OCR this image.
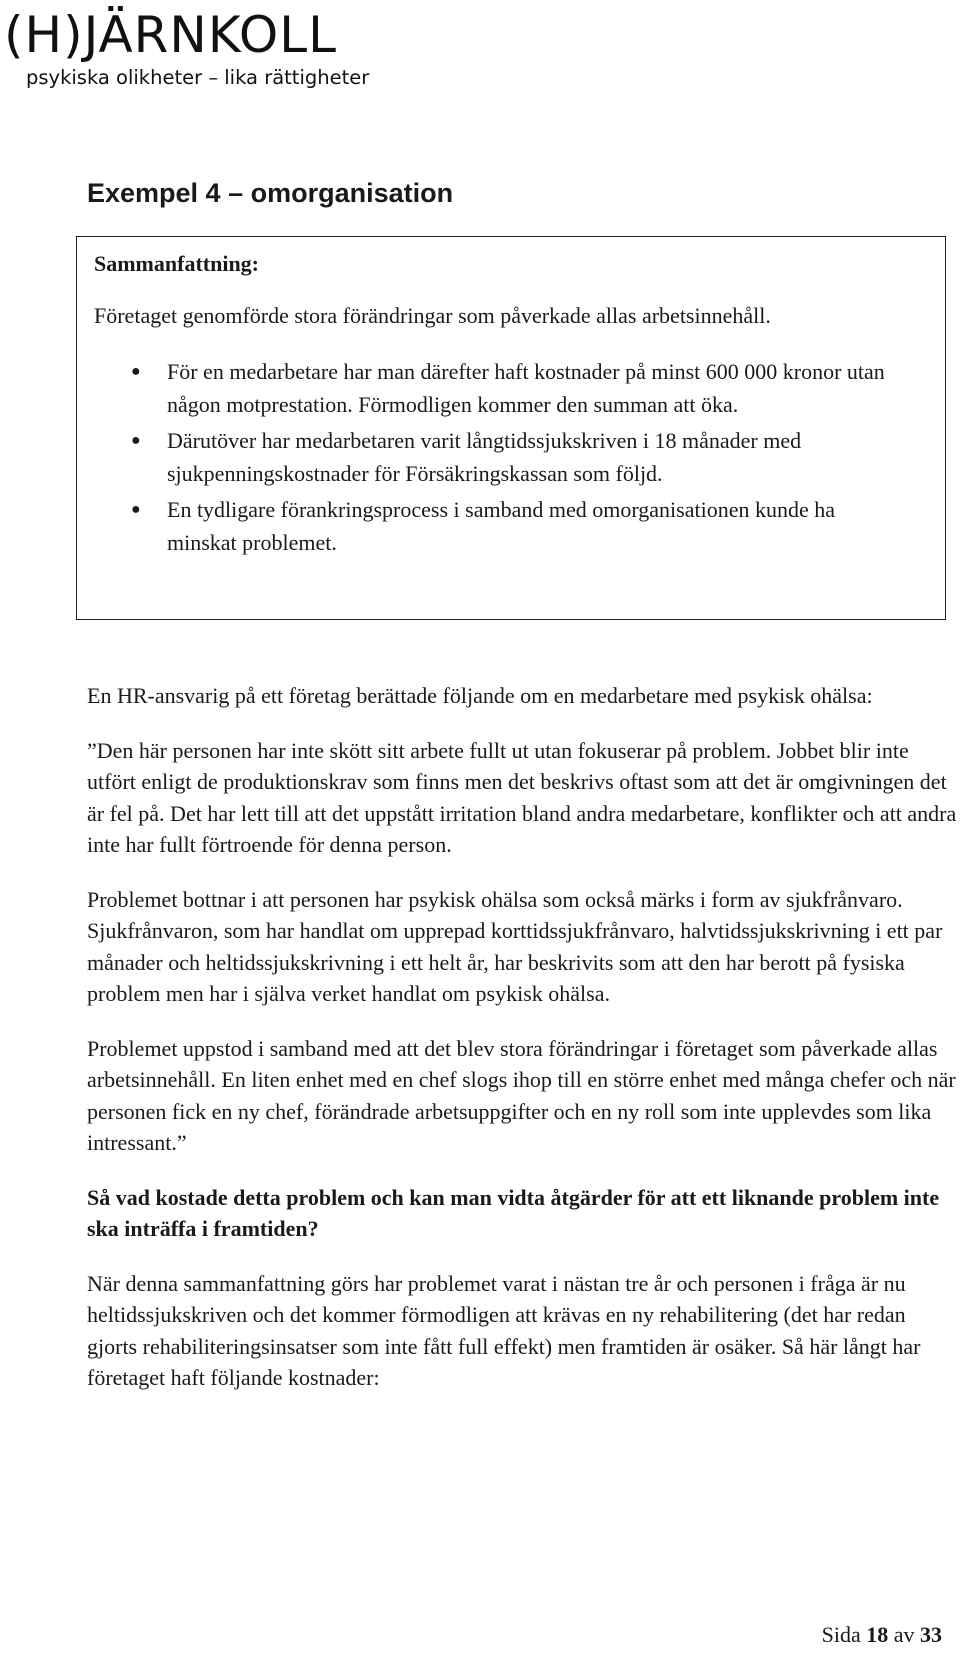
(H)JÄRNKOLL
psykiska olikheter – lika rättigheter
Exempel 4 – omorganisation
Sammanfattning:
Företaget genomförde stora förändringar som påverkade allas arbetsinnehåll.
● För en medarbetare har man därefter haft kostnader på minst 600 000 kronor utan någon motprestation. Förmodligen kommer den summan att öka.
● Därutöver har medarbetaren varit långtidssjukskriven i 18 månader med sjukpenningskostnader för Försäkringskassan som följd.
● En tydligare förankringsprocess i samband med omorganisationen kunde ha minskat problemet.

En HR-ansvarig på ett företag berättade följande om en medarbetare med psykisk ohälsa:

”Den här personen har inte skött sitt arbete fullt ut utan fokuserar på problem. Jobbet blir inte utfört enligt de produktionskrav som finns men det beskrivs oftast som att det är omgivningen det är fel på. Det har lett till att det uppstått irritation bland andra medarbetare, konflikter och att andra inte har fullt förtroende för denna person.

Problemet bottnar i att personen har psykisk ohälsa som också märks i form av sjukfrånvaro. Sjukfrånvaron, som har handlat om upprepad korttidssjukfrånvaro, halvtidssjukskrivning i ett par månader och heltidssjukskrivning i ett helt år, har beskrivits som att den har berott på fysiska problem men har i själva verket handlat om psykisk ohälsa.

Problemet uppstod i samband med att det blev stora förändringar i företaget som påverkade allas arbetsinnehåll. En liten enhet med en chef slogs ihop till en större enhet med många chefer och när personen fick en ny chef, förändrade arbetsuppgifter och en ny roll som inte upplevdes som lika intressant.”

Så vad kostade detta problem och kan man vidta åtgärder för att ett liknande problem inte ska inträffa i framtiden?

När denna sammanfattning görs har problemet varat i nästan tre år och personen i fråga är nu heltidssjukskriven och det kommer förmodligen att krävas en ny rehabilitering (det har redan gjorts rehabiliteringsinsatser som inte fått full effekt) men framtiden är osäker. Så här långt har företaget haft följande kostnader:

Sida 18 av 33
